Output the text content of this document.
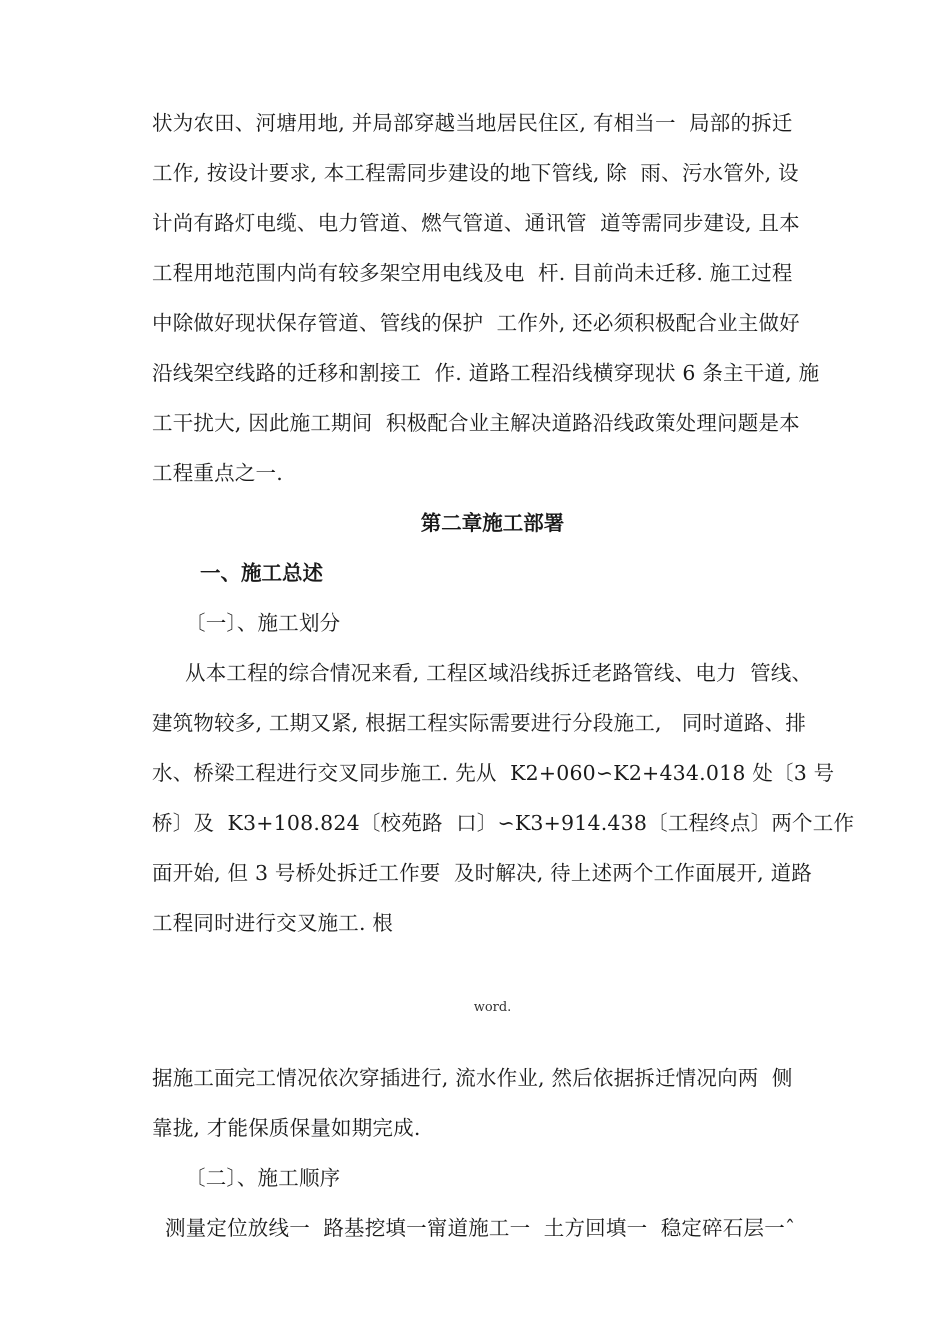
状为农田、河塘用地, 并局部穿越当地居民住区, 有相当一  局部的拆迁
工作, 按设计要求, 本工程需同步建设的地下管线, 除  雨、污水管外, 设
计尚有路灯电缆、电力管道、燃气管道、通讯管  道等需同步建设, 且本
工程用地范围内尚有较多架空用电线及电  杆. 目前尚未迁移. 施工过程
中除做好现状保存管道、管线的保护  工作外, 还必须积极配合业主做好
沿线架空线路的迁移和割接工  作. 道路工程沿线横穿现状 6 条主干道, 施
工干扰大, 因此施工期间  积极配合业主解决道路沿线政策处理问题是本
工程重点之一.
第二章施工部署
一、施工总述
〔一〕、施工划分
从本工程的综合情况来看, 工程区域沿线拆迁老路管线、电力  管线、
建筑物较多, 工期又紧, 根据工程实际需要进行分段施工,   同时道路、排
水、桥梁工程进行交叉同步施工. 先从  K2+060∽K2+434.018 处〔3 号
桥〕及  K3+108.824〔校苑路  口〕∽K3+914.438〔工程终点〕两个工作
面开始, 但 3 号桥处拆迁工作要  及时解决, 待上述两个工作面展开, 道路
工程同时进行交叉施工. 根
word.
据施工面完工情况依次穿插进行, 流水作业, 然后依据拆迁情况向两  侧
靠拢, 才能保质保量如期完成.
〔二〕、施工顺序
测量定位放线一  路基挖填一甯道施工一  土方回填一  稳定碎石层一ˆ
